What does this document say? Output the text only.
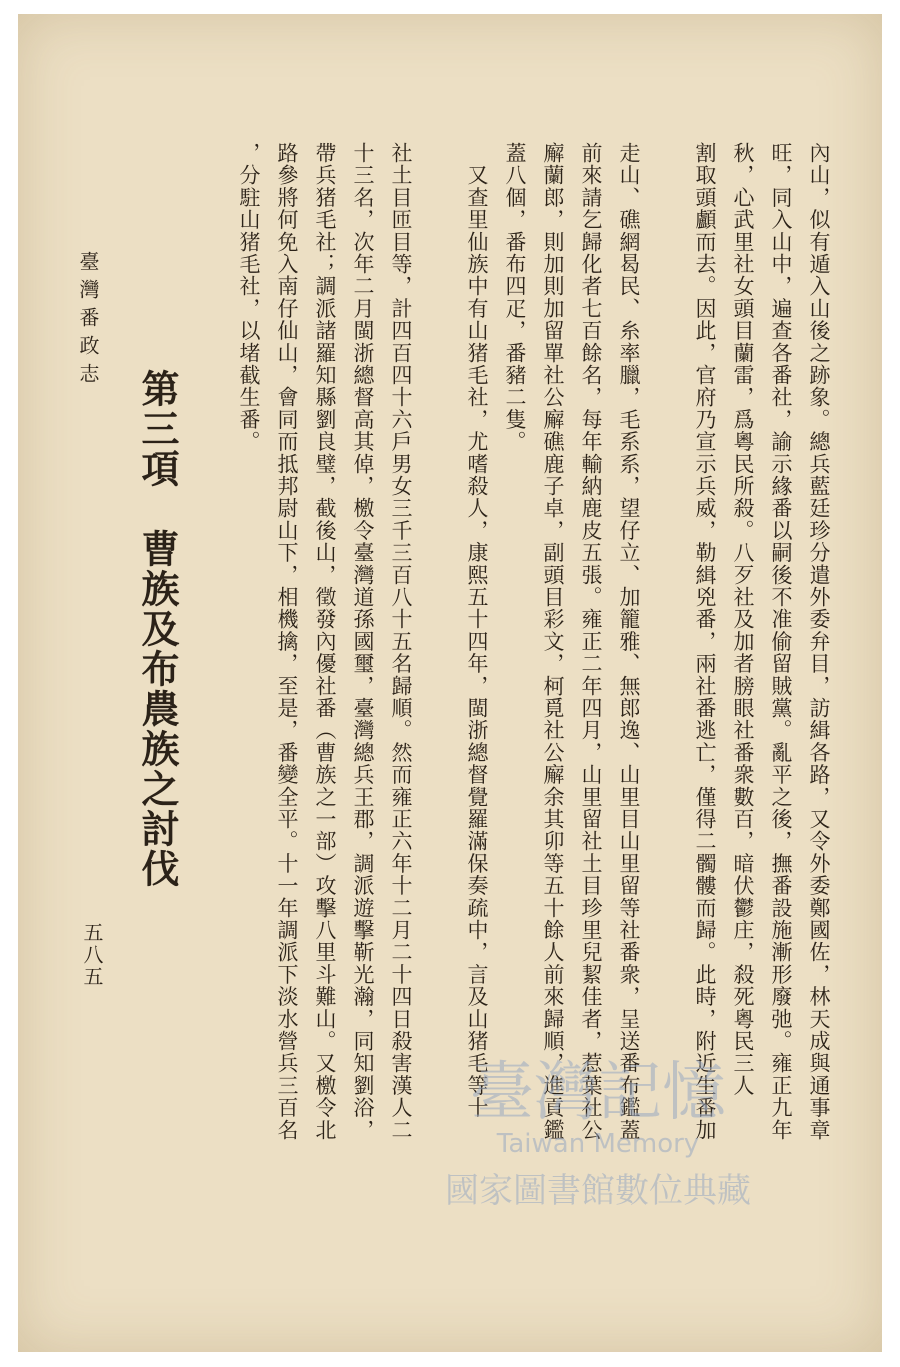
內山，似有遁入山後之跡象。總兵藍廷珍分遣外委弁目，訪緝各路，又令外委鄭國佐，林天成與通事章
旺，同入山中，遍查各番社，諭示緣番以嗣後不准偷留賊黨。亂平之後，撫番設施漸形廢弛。雍正九年
秋，心武里社女頭目蘭雷，爲粵民所殺。八歹社及加者膀眼社番衆數百，暗伏鬱庄，殺死粵民三人
割取頭顱而去。因此，官府乃宣示兵威，勒緝兇番，兩社番逃亡，僅得二髑髏而歸。此時，附近生番加
走山、礁網曷民、糸率臘，毛系系，望仔立、加籠雅、無郎逸、山里目山里留等社番衆，呈送番布鑑蓋
前來請乞歸化者七百餘名，每年輸納鹿皮五張。雍正二年四月，山里留社土目珍里兒絜佳者，惹葉社公
廨蘭郎，則加則加留單社公廨礁鹿子卓，副頭目彩文，柯覓社公廨余其卯等五十餘人前來歸順，進貢鑑
蓋八個，番布四疋，番豬二隻。
　又查里仙族中有山猪毛社，尤嗜殺人，康熙五十四年，閩浙總督覺羅滿保奏疏中，言及山猪毛等十
社土目匝目等，計四百四十六戶男女三千三百八十五名歸順。然而雍正六年十二月二十四日殺害漢人二
十三名，次年二月閩浙總督高其倬，檄令臺灣道孫國璽，臺灣總兵王郡，調派遊擊靳光瀚，同知劉浴，
帶兵猪毛社；調派諸羅知縣劉良璧，截後山，徵發內優社番（曹族之一部）攻擊八里斗難山。又檄令北
路參將何免入南仔仙山，會同而抵邦尉山下，相機擒，至是，番變全平。十一年調派下淡水營兵三百名
，分駐山猪毛社，以堵截生番。
第三項　曹族及布農族之討伐
臺灣番政志
五八五
臺灣記憶
Taiwan Memory
國家圖書館數位典藏
